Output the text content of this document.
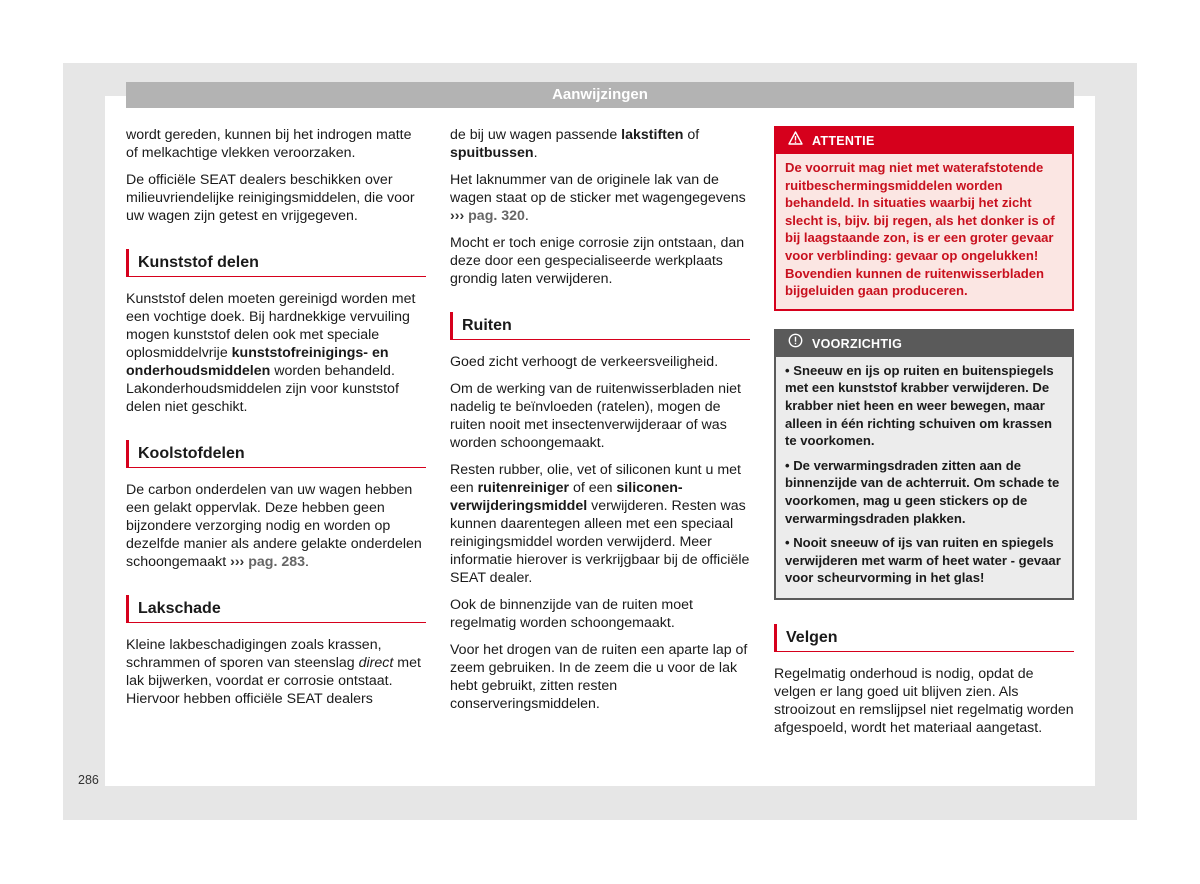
Aanwijzingen

wordt gereden, kunnen bij het indrogen matte of melkachtige vlekken veroorzaken.

De officiële SEAT dealers beschikken over milieuvriendelijke reinigingsmiddelen, die voor uw wagen zijn getest en vrijgegeven.

Kunststof delen

Kunststof delen moeten gereinigd worden met een vochtige doek. Bij hardnekkige vervuiling mogen kunststof delen ook met speciale oplosmiddelvrije kunststofreinigings- en onderhoudsmiddelen worden behandeld. Lakonderhoudsmiddelen zijn voor kunststof delen niet geschikt.

Koolstofdelen

De carbon onderdelen van uw wagen hebben een gelakt oppervlak. Deze hebben geen bijzondere verzorging nodig en worden op dezelfde manier als andere gelakte onderdelen schoongemaakt ››› pag. 283.

Lakschade

Kleine lakbeschadigingen zoals krassen, schrammen of sporen van steenslag direct met lak bijwerken, voordat er corrosie ontstaat. Hiervoor hebben officiële SEAT dealers

de bij uw wagen passende lakstiften of spuitbussen.

Het laknummer van de originele lak van de wagen staat op de sticker met wagengegevens ››› pag. 320.

Mocht er toch enige corrosie zijn ontstaan, dan deze door een gespecialiseerde werkplaats grondig laten verwijderen.

Ruiten

Goed zicht verhoogt de verkeersveiligheid.

Om de werking van de ruitenwisserbladen niet nadelig te beïnvloeden (ratelen), mogen de ruiten nooit met insectenverwijderaar of was worden schoongemaakt.

Resten rubber, olie, vet of siliconen kunt u met een ruitenreiniger of een siliconen-verwijderingsmiddel verwijderen. Resten was kunnen daarentegen alleen met een speciaal reinigingsmiddel worden verwijderd. Meer informatie hierover is verkrijgbaar bij de officiële SEAT dealer.

Ook de binnenzijde van de ruiten moet regelmatig worden schoongemaakt.

Voor het drogen van de ruiten een aparte lap of zeem gebruiken. In de zeem die u voor de lak hebt gebruikt, zitten resten conserveringsmiddelen.

ATTENTIE

De voorruit mag niet met waterafstotende ruitbeschermingsmiddelen worden behandeld. In situaties waarbij het zicht slecht is, bijv. bij regen, als het donker is of bij laagstaande zon, is er een groter gevaar voor verblinding: gevaar op ongelukken! Bovendien kunnen de ruitenwisserbladen bijgeluiden gaan produceren.

VOORZICHTIG
• Sneeuw en ijs op ruiten en buitenspiegels met een kunststof krabber verwijderen. De krabber niet heen en weer bewegen, maar alleen in één richting schuiven om krassen te voorkomen.
• De verwarmingsdraden zitten aan de binnenzijde van de achterruit. Om schade te voorkomen, mag u geen stickers op de verwarmingsdraden plakken.
• Nooit sneeuw of ijs van ruiten en spiegels verwijderen met warm of heet water - gevaar voor scheurvorming in het glas!
Velgen

Regelmatig onderhoud is nodig, opdat de velgen er lang goed uit blijven zien. Als strooizout en remslijpsel niet regelmatig worden afgespoeld, wordt het materiaal aangetast.

286
